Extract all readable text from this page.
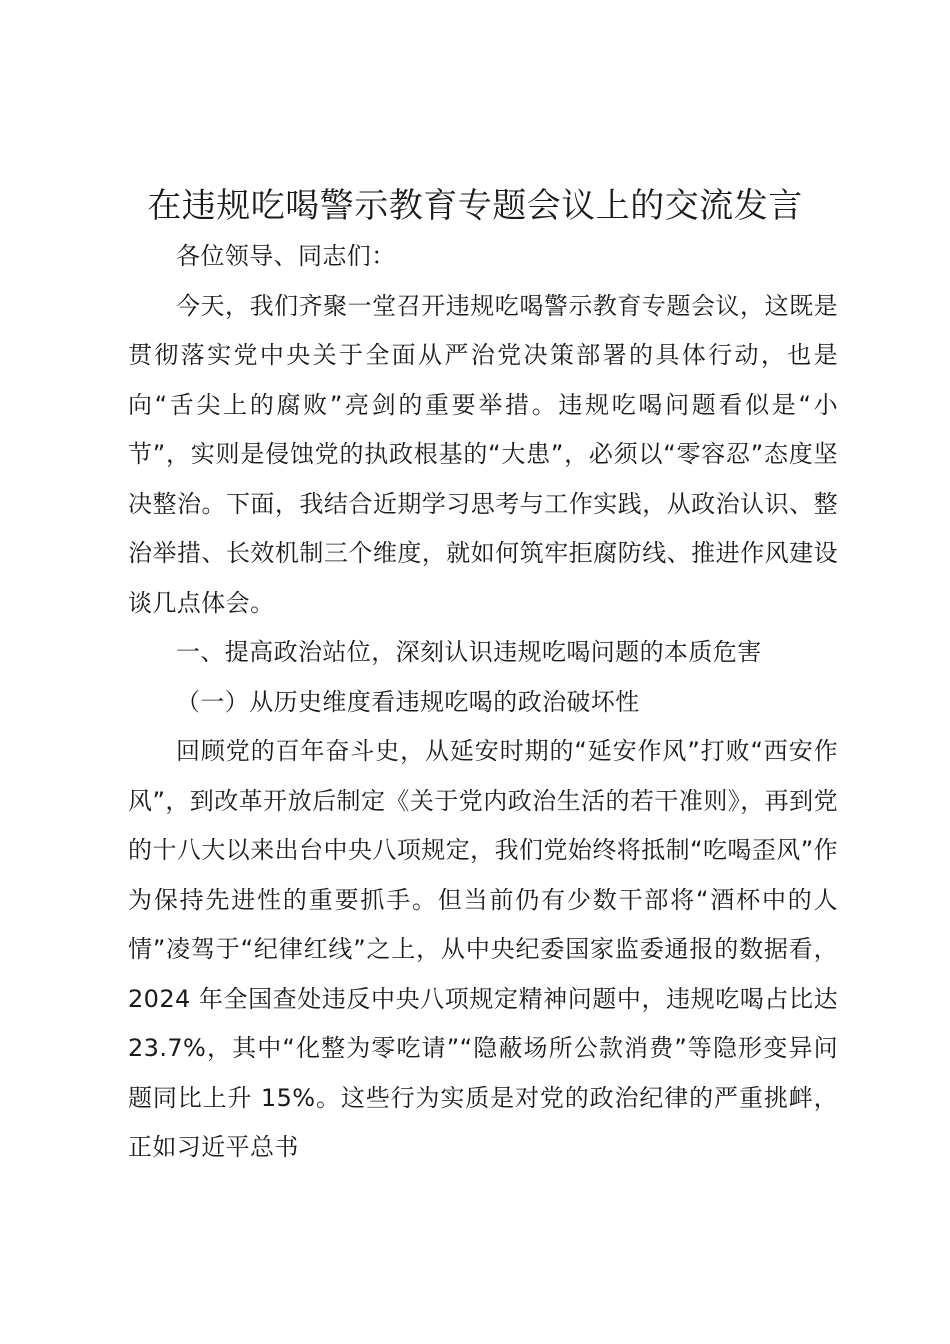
在违规吃喝警示教育专题会议上的交流发言

各位领导、同志们：

今天，我们齐聚一堂召开违规吃喝警示教育专题会议，这既是贯彻落实党中央关于全面从严治党决策部署的具体行动，也是向“舌尖上的腐败”亮剑的重要举措。违规吃喝问题看似是“小节”，实则是侵蚀党的执政根基的“大患”，必须以“零容忍”态度坚决整治。下面，我结合近期学习思考与工作实践，从政治认识、整治举措、长效机制三个维度，就如何筑牢拒腐防线、推进作风建设谈几点体会。

一、提高政治站位，深刻认识违规吃喝问题的本质危害

（一）从历史维度看违规吃喝的政治破坏性

回顾党的百年奋斗史，从延安时期的“延安作风”打败“西安作风”，到改革开放后制定《关于党内政治生活的若干准则》，再到党的十八大以来出台中央八项规定，我们党始终将抵制“吃喝歪风”作为保持先进性的重要抓手。但当前仍有少数干部将“酒杯中的人情”凌驾于“纪律红线”之上，从中央纪委国家监委通报的数据看，2024 年全国查处违反中央八项规定精神问题中，违规吃喝占比达 23.7%，其中“化整为零吃请”“隐蔽场所公款消费”等隐形变异问题同比上升 15%。这些行为实质是对党的政治纪律的严重挑衅，正如习近平总书
